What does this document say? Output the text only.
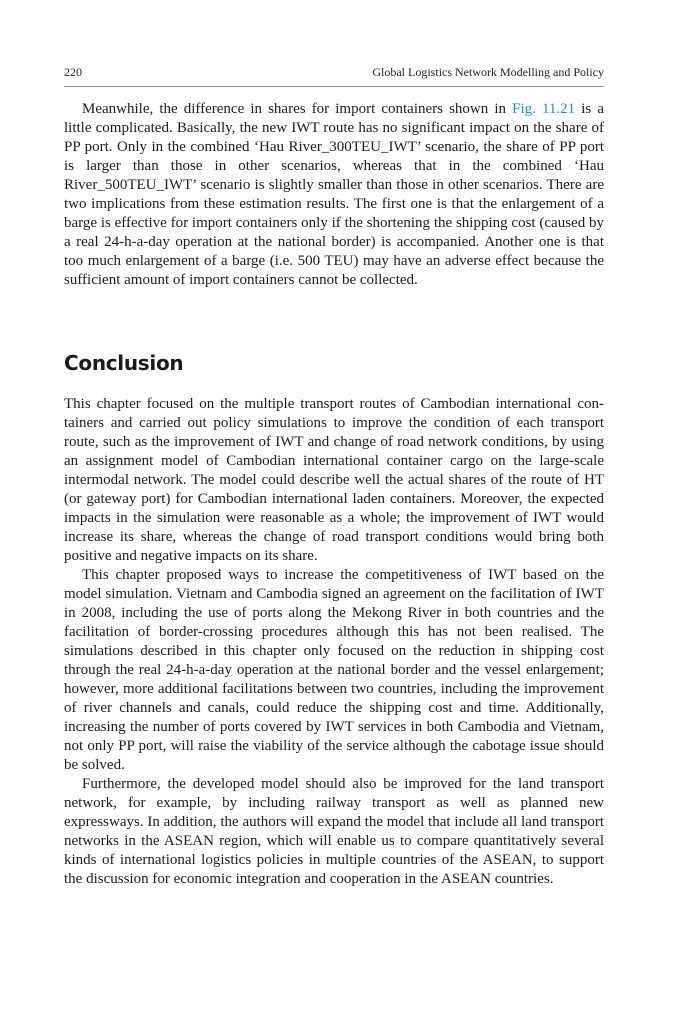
220	Global Logistics Network Modelling and Policy

Meanwhile, the difference in shares for import containers shown in Fig. 11.21 is a little complicated. Basically, the new IWT route has no significant impact on the share of PP port. Only in the combined ‘Hau River_300TEU_IWT’ scenario, the share of PP port is larger than those in other scenarios, whereas that in the combined ‘Hau River_500TEU_IWT’ scenario is slightly smaller than those in other scenarios. There are two implications from these estimation results. The first one is that the enlargement of a barge is effective for import containers only if the shortening the shipping cost (caused by a real 24-h-a-day operation at the national border) is accompanied. Another one is that too much enlargement of a barge (i.e. 500 TEU) may have an adverse effect because the sufficient amount of import containers cannot be collected.

Conclusion

This chapter focused on the multiple transport routes of Cambodian international containers and carried out policy simulations to improve the condition of each transport route, such as the improvement of IWT and change of road network conditions, by using an assignment model of Cambodian international container cargo on the large-scale intermodal network. The model could describe well the actual shares of the route of HT (or gateway port) for Cambodian international laden containers. Moreover, the expected impacts in the simulation were reasonable as a whole; the improvement of IWT would increase its share, whereas the change of road transport conditions would bring both positive and negative impacts on its share.

This chapter proposed ways to increase the competitiveness of IWT based on the model simulation. Vietnam and Cambodia signed an agreement on the facilitation of IWT in 2008, including the use of ports along the Mekong River in both countries and the facilitation of border-crossing procedures although this has not been realised. The simulations described in this chapter only focused on the reduction in shipping cost through the real 24-h-a-day operation at the national border and the vessel enlargement; however, more additional facilitations between two countries, including the improvement of river channels and canals, could reduce the shipping cost and time. Additionally, increasing the number of ports covered by IWT services in both Cambodia and Vietnam, not only PP port, will raise the viability of the service although the cabotage issue should be solved.

Furthermore, the developed model should also be improved for the land transport network, for example, by including railway transport as well as planned new expressways. In addition, the authors will expand the model that include all land transport networks in the ASEAN region, which will enable us to compare quantitatively several kinds of international logistics policies in multiple countries of the ASEAN, to support the discussion for economic integration and cooperation in the ASEAN countries.
